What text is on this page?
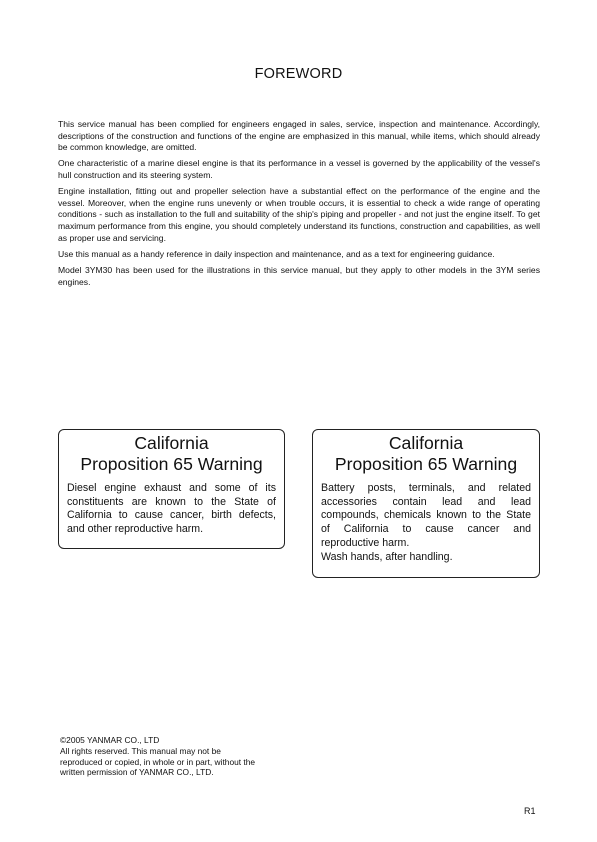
FOREWORD

This service manual has been complied for engineers engaged in sales, service, inspection and maintenance. Accordingly, descriptions of the construction and functions of the engine are emphasized in this manual, while items, which should already be common knowledge, are omitted.

One characteristic of a marine diesel engine is that its performance in a vessel is governed by the applicability of the vessel's hull construction and its steering system.

Engine installation, fitting out and propeller selection have a substantial effect on the performance of the engine and the vessel. Moreover, when the engine runs unevenly or when trouble occurs, it is essential to check a wide range of operating conditions - such as installation to the full and suitability of the ship's piping and propeller - and not just the engine itself. To get maximum performance from this engine, you should completely understand its functions, construction and capabilities, as well as proper use and servicing.

Use this manual as a handy reference in daily inspection and maintenance, and as a text for engineering guidance.

Model 3YM30 has been used for the illustrations in this service manual, but they apply to other models in the 3YM series engines.

California
Proposition 65 Warning
Diesel engine exhaust and some of its constituents are known to the State of California to cause cancer, birth defects, and other reproductive harm.
California
Proposition 65 Warning
Battery posts, terminals, and related accessories contain lead and lead compounds, chemicals known to the State of California to cause cancer and reproductive harm.
Wash hands, after handling.
©2005 YANMAR CO., LTD
All rights reserved. This manual may not be reproduced or copied, in whole or in part, without the written permission of YANMAR CO., LTD.
R1
